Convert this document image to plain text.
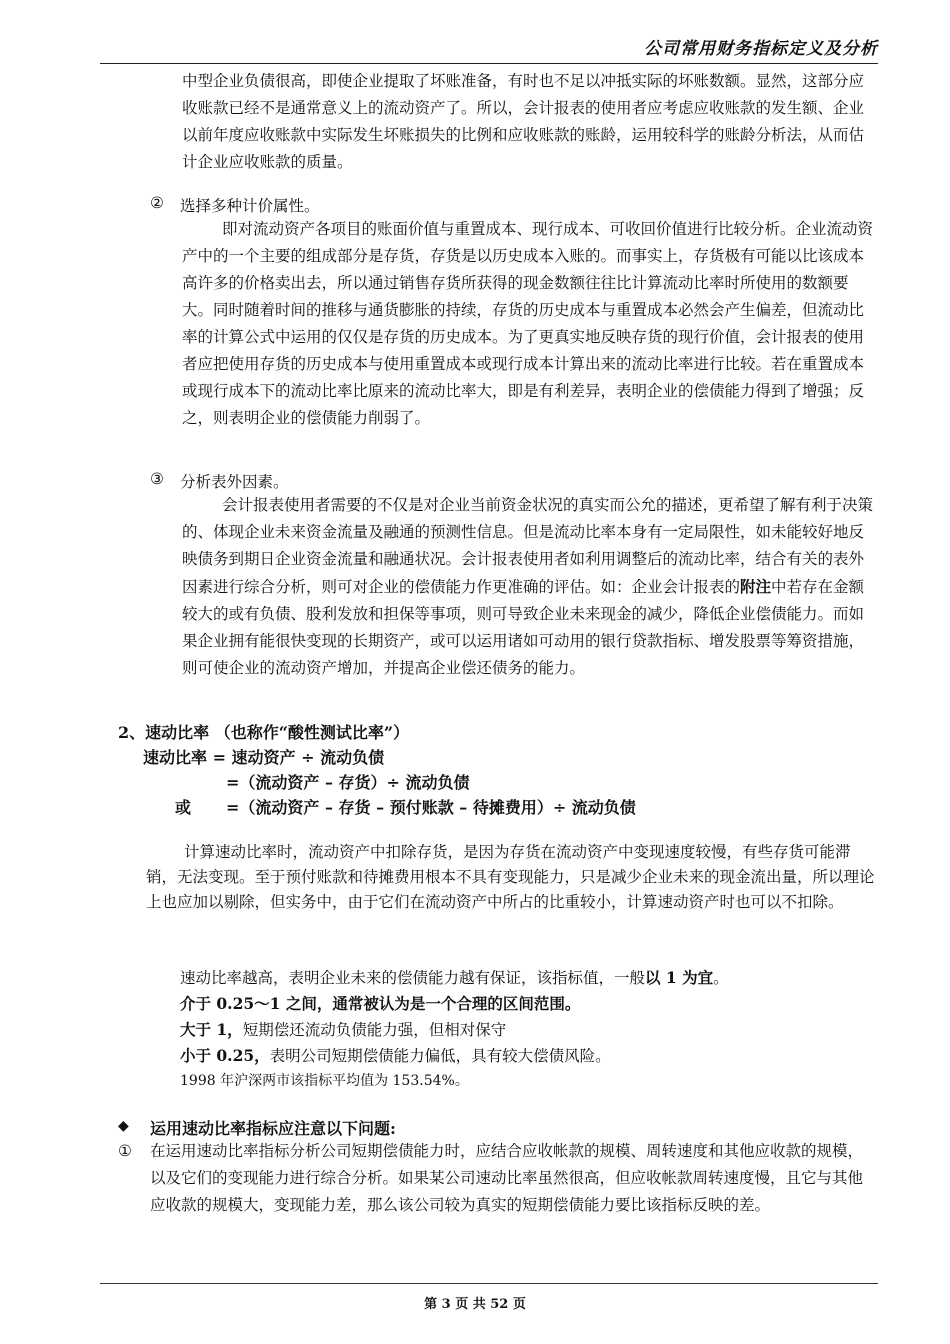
公司常用财务指标定义及分析

中型企业负债很高，即使企业提取了坏账准备，有时也不足以冲抵实际的坏账数额。显然，这部分应收账款已经不是通常意义上的流动资产了。所以，会计报表的使用者应考虑应收账款的发生额、企业以前年度应收账款中实际发生坏账损失的比例和应收账款的账龄，运用较科学的账龄分析法，从而估计企业应收账款的质量。

② 选择多种计价属性。

即对流动资产各项目的账面价值与重置成本、现行成本、可收回价值进行比较分析。企业流动资产中的一个主要的组成部分是存货，存货是以历史成本入账的。而事实上，存货极有可能以比该成本高许多的价格卖出去，所以通过销售存货所获得的现金数额往往比计算流动比率时所使用的数额要大。同时随着时间的推移与通货膨胀的持续，存货的历史成本与重置成本必然会产生偏差，但流动比率的计算公式中运用的仅仅是存货的历史成本。为了更真实地反映存货的现行价值，会计报表的使用者应把使用存货的历史成本与使用重置成本或现行成本计算出来的流动比率进行比较。若在重置成本或现行成本下的流动比率比原来的流动比率大，即是有利差异，表明企业的偿债能力得到了增强；反之，则表明企业的偿债能力削弱了。

③ 分析表外因素。

会计报表使用者需要的不仅是对企业当前资金状况的真实而公允的描述，更希望了解有利于决策的、体现企业未来资金流量及融通的预测性信息。但是流动比率本身有一定局限性，如未能较好地反映债务到期日企业资金流量和融通状况。会计报表使用者如利用调整后的流动比率，结合有关的表外因素进行综合分析，则可对企业的偿债能力作更准确的评估。如：企业会计报表的附注中若存在金额较大的或有负债、股利发放和担保等事项，则可导致企业未来现金的减少，降低企业偿债能力。而如果企业拥有能很快变现的长期资产，或可以运用诸如可动用的银行贷款指标、增发股票等筹资措施，则可使企业的流动资产增加，并提高企业偿还债务的能力。

2、速动比率 （也称作“酸性测试比率”）
速动比率 = 速动资产 ÷ 流动负债
=（流动资产 – 存货）÷ 流动负债
或 =（流动资产 – 存货 – 预付账款 – 待摊费用）÷ 流动负债

计算速动比率时，流动资产中扣除存货，是因为存货在流动资产中变现速度较慢，有些存货可能滞销，无法变现。至于预付账款和待摊费用根本不具有变现能力，只是减少企业未来的现金流出量，所以理论上也应加以剔除，但实务中，由于它们在流动资产中所占的比重较小，计算速动资产时也可以不扣除。

速动比率越高，表明企业未来的偿债能力越有保证，该指标值，一般以 1 为宜。
介于 0.25～1 之间，通常被认为是一个合理的区间范围。
大于 1，短期偿还流动负债能力强，但相对保守
小于 0.25，表明公司短期偿债能力偏低，具有较大偿债风险。
1998 年沪深两市该指标平均值为 153.54%。
◆ 运用速动比率指标应注意以下问题:
① 在运用速动比率指标分析公司短期偿债能力时，应结合应收帐款的规模、周转速度和其他应收款的规模，以及它们的变现能力进行综合分析。如果某公司速动比率虽然很高，但应收帐款周转速度慢，且它与其他应收款的规模大，变现能力差，那么该公司较为真实的短期偿债能力要比该指标反映的差。

第 3 页 共 52 页
